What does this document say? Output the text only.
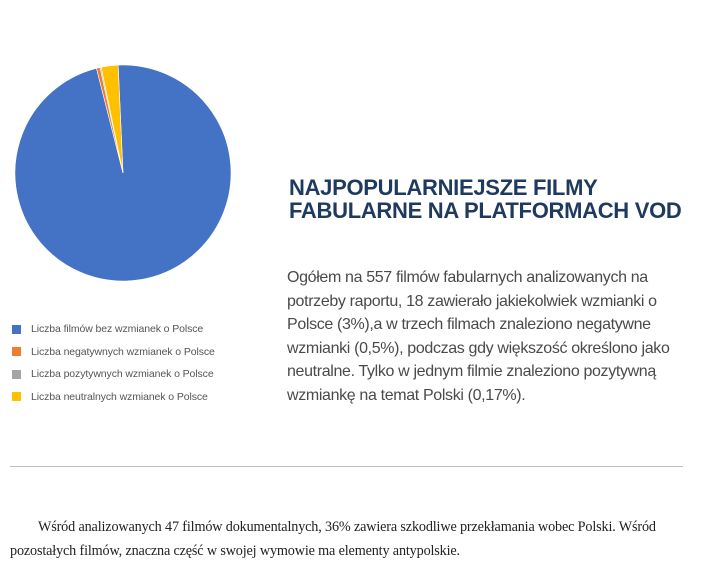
Liczba filmów bez wzmianek o Polsce
Liczba negatywnych wzmianek o Polsce
Liczba pozytywnych wzmianek o Polsce
Liczba neutralnych wzmianek o Polsce
NAJPOPULARNIEJSZE FILMY FABULARNE NA PLATFORMACH VOD
Ogółem na 557 filmów fabularnych analizowanych na potrzeby raportu, 18 zawierało jakiekolwiek wzmianki o Polsce (3%),a w trzech filmach znaleziono negatywne wzmianki (0,5%), podczas gdy większość określono jako neutralne. Tylko w jednym filmie znaleziono pozytywną wzmiankę na temat Polski (0,17%).
Wśród analizowanych 47 filmów dokumentalnych, 36% zawiera szkodliwe przekłamania wobec Polski. Wśród pozostałych filmów, znaczna część w swojej wymowie ma elementy antypolskie.
